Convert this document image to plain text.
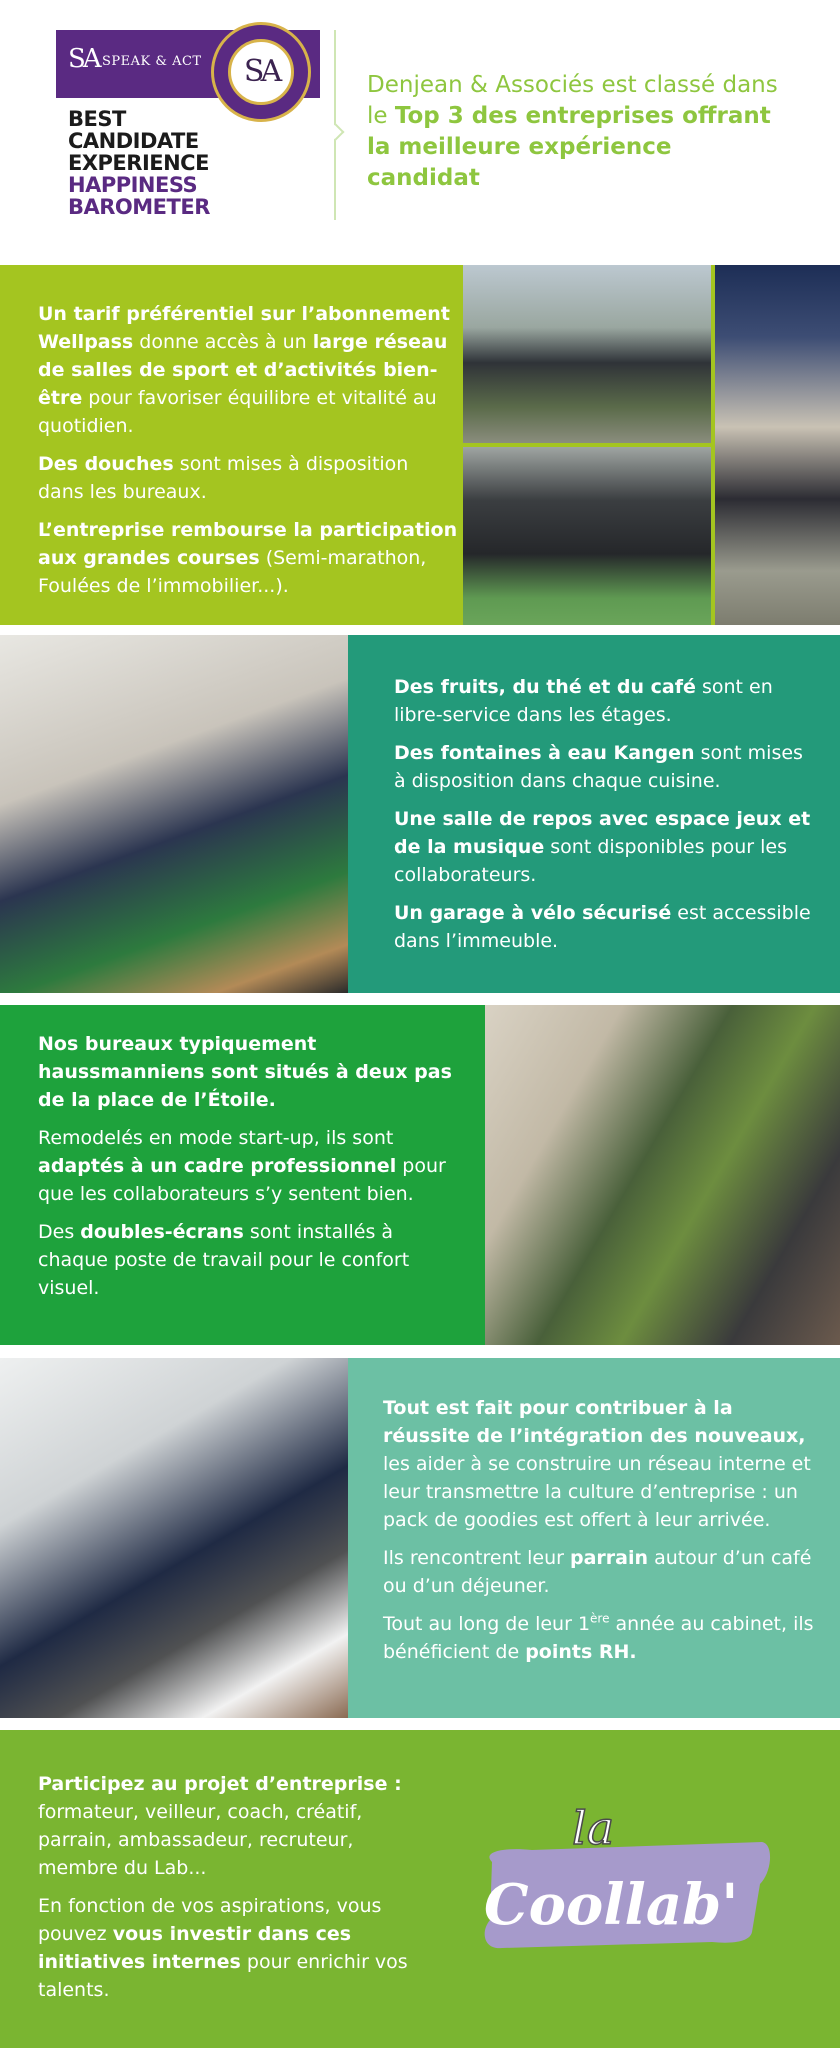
SA SPEAK & ACT	SA
BEST
CANDIDATE
EXPERIENCE
HAPPINESS
BAROMETER
Denjean & Associés est classé dans le Top 3 des entreprises offrant la meilleure expérience candidat

Un tarif préférentiel sur l’abonnement Wellpass donne accès à un large réseau de salles de sport et d’activités bien-être pour favoriser équilibre et vitalité au quotidien.

Des douches sont mises à disposition dans les bureaux.

L’entreprise rembourse la participation aux grandes courses (Semi-marathon, Foulées de l’immobilier...).

Des fruits, du thé et du café sont en libre-service dans les étages.

Des fontaines à eau Kangen sont mises à disposition dans chaque cuisine.

Une salle de repos avec espace jeux et de la musique sont disponibles pour les collaborateurs.

Un garage à vélo sécurisé est accessible dans l’immeuble.

Nos bureaux typiquement haussmanniens sont situés à deux pas de la place de l’Étoile.

Remodelés en mode start-up, ils sont adaptés à un cadre professionnel pour que les collaborateurs s’y sentent bien.

Des doubles-écrans sont installés à chaque poste de travail pour le confort visuel.

Tout est fait pour contribuer à la réussite de l’intégration des nouveaux, les aider à se construire un réseau interne et leur transmettre la culture d’entreprise : un pack de goodies est offert à leur arrivée.

Ils rencontrent leur parrain autour d’un café ou d’un déjeuner.

Tout au long de leur 1ère année au cabinet, ils bénéficient de points RH.

Participez au projet d’entreprise : formateur, veilleur, coach, créatif, parrain, ambassadeur, recruteur, membre du Lab...

En fonction de vos aspirations, vous pouvez vous investir dans ces initiatives internes pour enrichir vos talents.

la
Coollab'
